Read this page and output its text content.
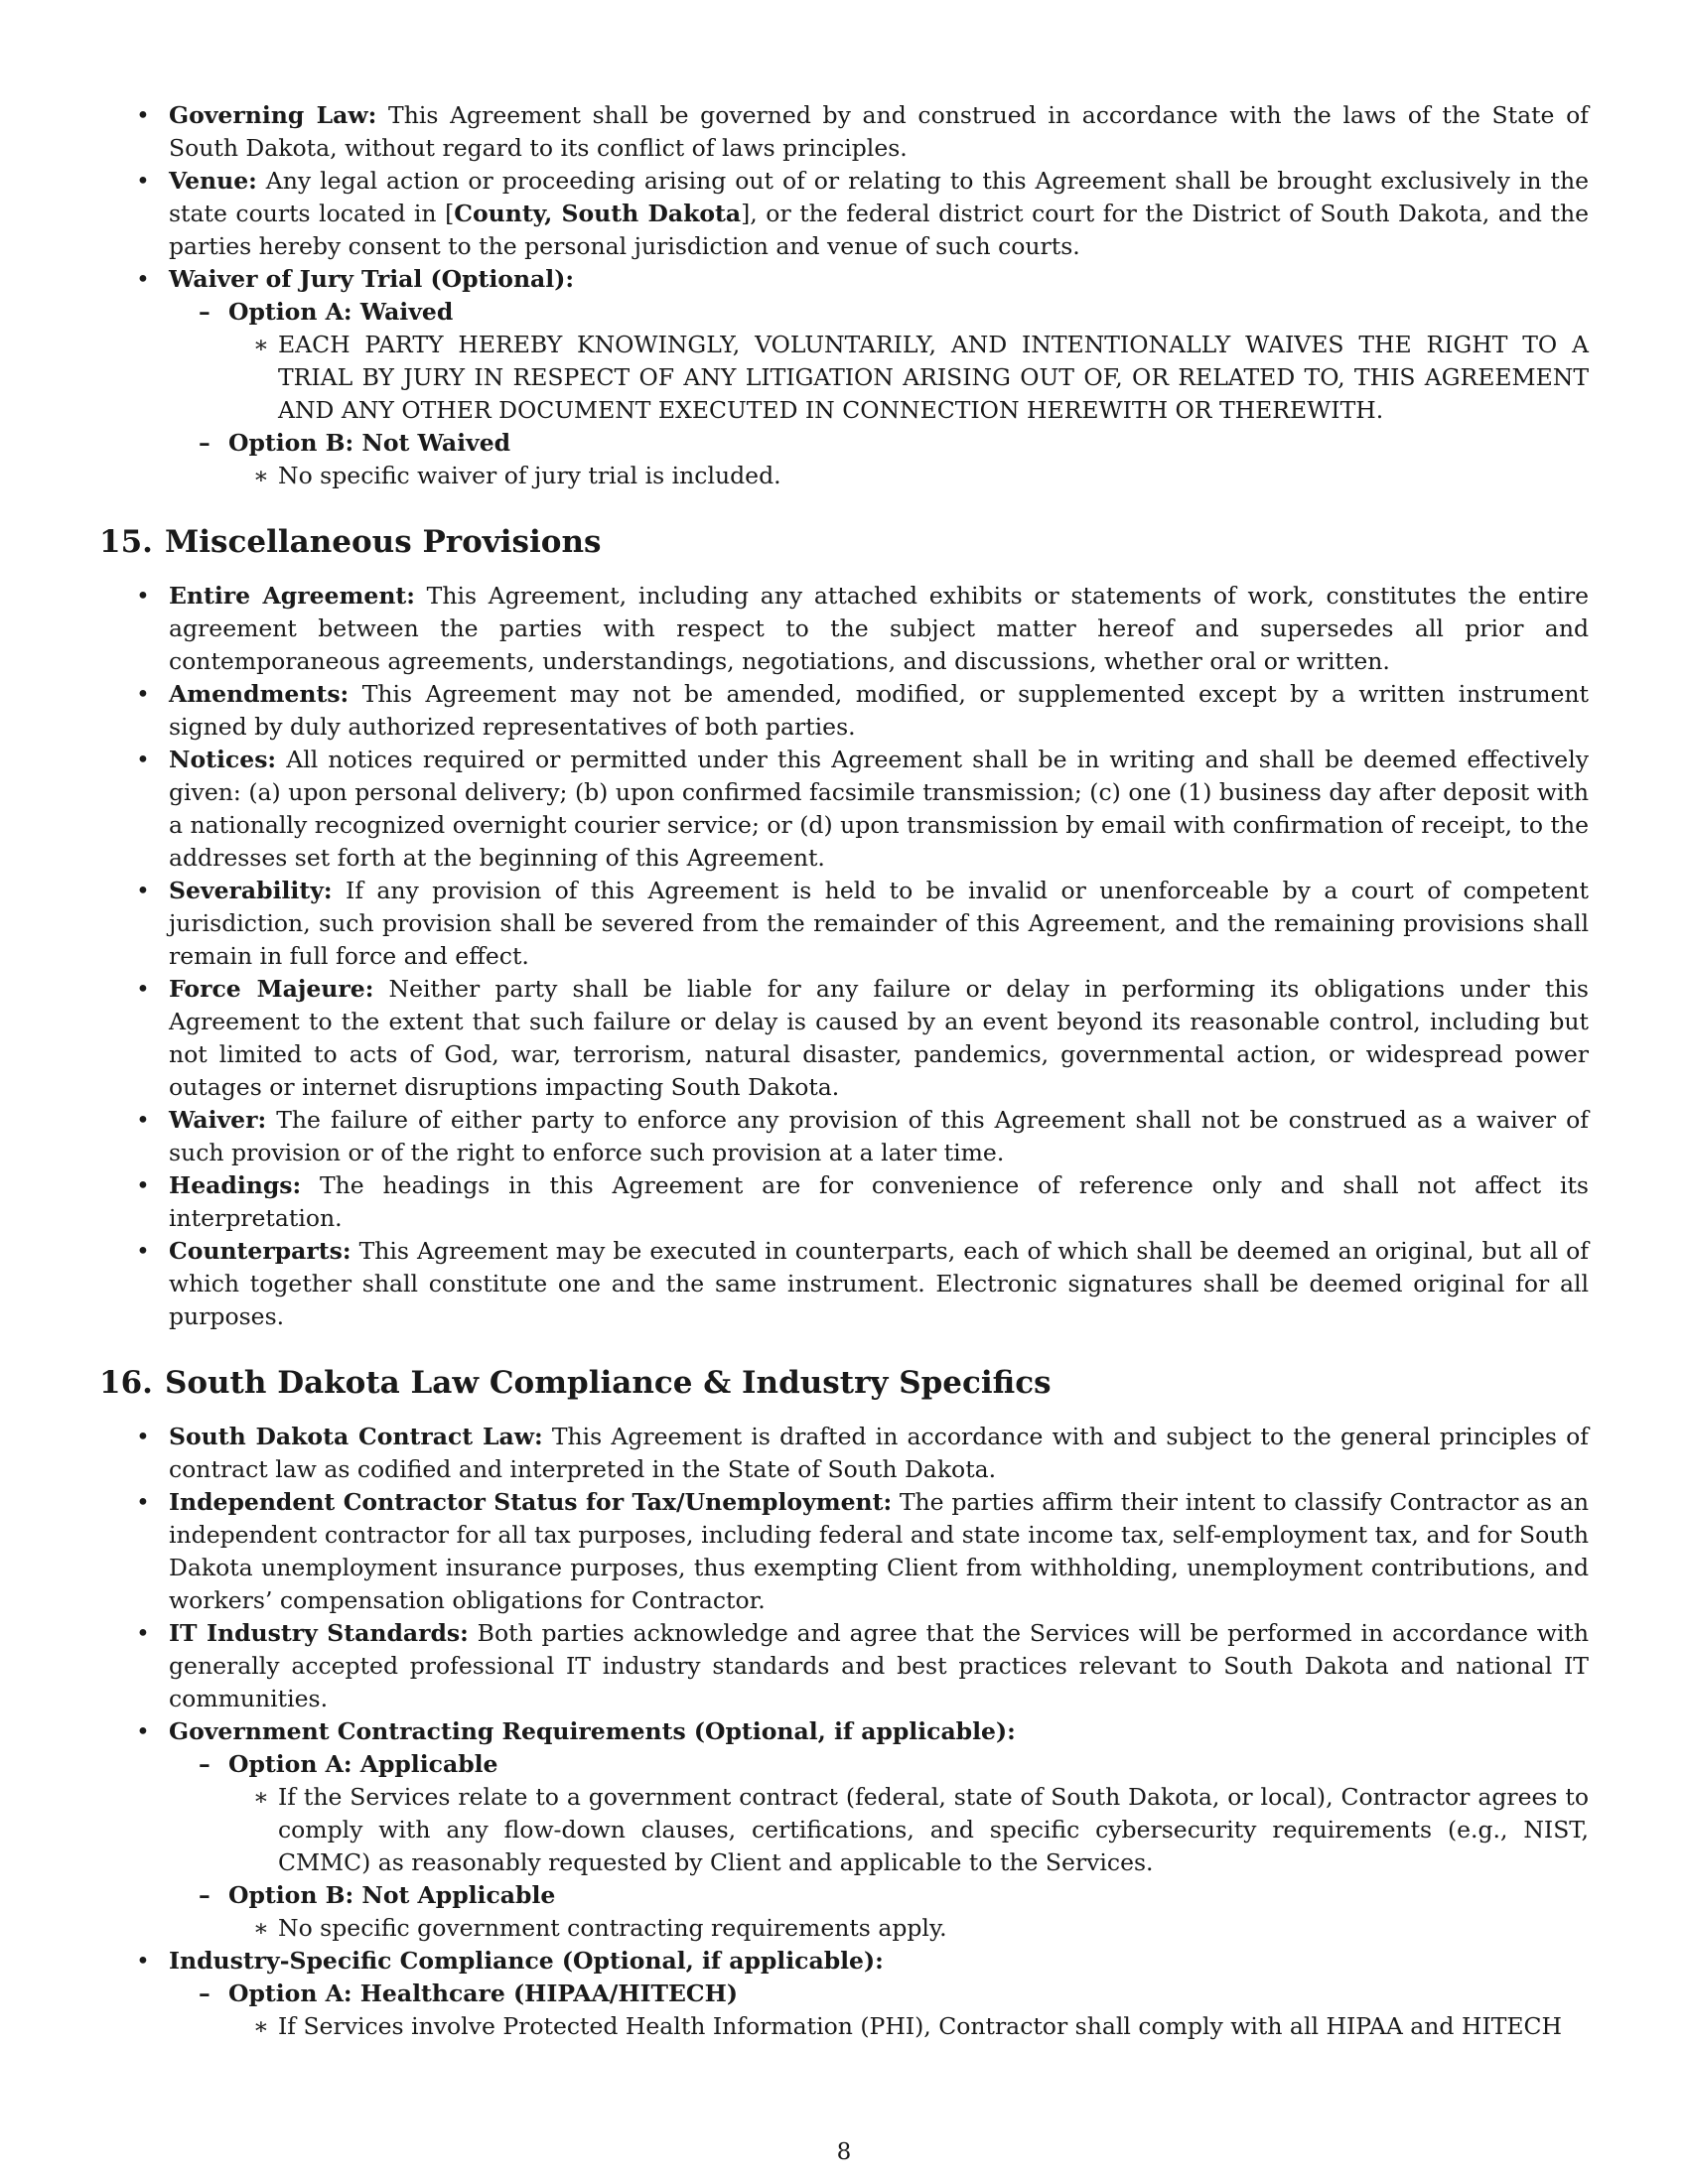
• Governing Law: This Agreement shall be governed by and construed in accordance with the laws of the State of South Dakota, without regard to its conflict of laws principles.
• Venue: Any legal action or proceeding arising out of or relating to this Agreement shall be brought exclusively in the state courts located in [County, South Dakota], or the federal district court for the District of South Dakota, and the parties hereby consent to the personal jurisdiction and venue of such courts.
• Waiver of Jury Trial (Optional):
– Option A: Waived
∗ EACH PARTY HEREBY KNOWINGLY, VOLUNTARILY, AND INTENTIONALLY WAIVES THE RIGHT TO A TRIAL BY JURY IN RESPECT OF ANY LITIGATION ARISING OUT OF, OR RELATED TO, THIS AGREEMENT AND ANY OTHER DOCUMENT EXECUTED IN CONNECTION HEREWITH OR THEREWITH.
– Option B: Not Waived
∗ No specific waiver of jury trial is included.
15. Miscellaneous Provisions
• Entire Agreement: This Agreement, including any attached exhibits or statements of work, constitutes the entire agreement between the parties with respect to the subject matter hereof and supersedes all prior and contemporaneous agreements, understandings, negotiations, and discussions, whether oral or written.
• Amendments: This Agreement may not be amended, modified, or supplemented except by a written instrument signed by duly authorized representatives of both parties.
• Notices: All notices required or permitted under this Agreement shall be in writing and shall be deemed effectively given: (a) upon personal delivery; (b) upon confirmed facsimile transmission; (c) one (1) business day after deposit with a nationally recognized overnight courier service; or (d) upon transmission by email with confirmation of receipt, to the addresses set forth at the beginning of this Agreement.
• Severability: If any provision of this Agreement is held to be invalid or unenforceable by a court of competent jurisdiction, such provision shall be severed from the remainder of this Agreement, and the remaining provisions shall remain in full force and effect.
• Force Majeure: Neither party shall be liable for any failure or delay in performing its obligations under this Agreement to the extent that such failure or delay is caused by an event beyond its reasonable control, including but not limited to acts of God, war, terrorism, natural disaster, pandemics, governmental action, or widespread power outages or internet disruptions impacting South Dakota.
• Waiver: The failure of either party to enforce any provision of this Agreement shall not be construed as a waiver of such provision or of the right to enforce such provision at a later time.
• Headings: The headings in this Agreement are for convenience of reference only and shall not affect its interpretation.
• Counterparts: This Agreement may be executed in counterparts, each of which shall be deemed an original, but all of which together shall constitute one and the same instrument. Electronic signatures shall be deemed original for all purposes.
16. South Dakota Law Compliance & Industry Specifics
• South Dakota Contract Law: This Agreement is drafted in accordance with and subject to the general principles of contract law as codified and interpreted in the State of South Dakota.
• Independent Contractor Status for Tax/Unemployment: The parties affirm their intent to classify Contractor as an independent contractor for all tax purposes, including federal and state income tax, self-employment tax, and for South Dakota unemployment insurance purposes, thus exempting Client from withholding, unemployment contributions, and workers’ compensation obligations for Contractor.
• IT Industry Standards: Both parties acknowledge and agree that the Services will be performed in accordance with generally accepted professional IT industry standards and best practices relevant to South Dakota and national IT communities.
• Government Contracting Requirements (Optional, if applicable):
– Option A: Applicable
∗ If the Services relate to a government contract (federal, state of South Dakota, or local), Contractor agrees to comply with any flow-down clauses, certifications, and specific cybersecurity requirements (e.g., NIST, CMMC) as reasonably requested by Client and applicable to the Services.
– Option B: Not Applicable
∗ No specific government contracting requirements apply.
• Industry-Specific Compliance (Optional, if applicable):
– Option A: Healthcare (HIPAA/HITECH)
∗ If Services involve Protected Health Information (PHI), Contractor shall comply with all HIPAA and HITECH
8
